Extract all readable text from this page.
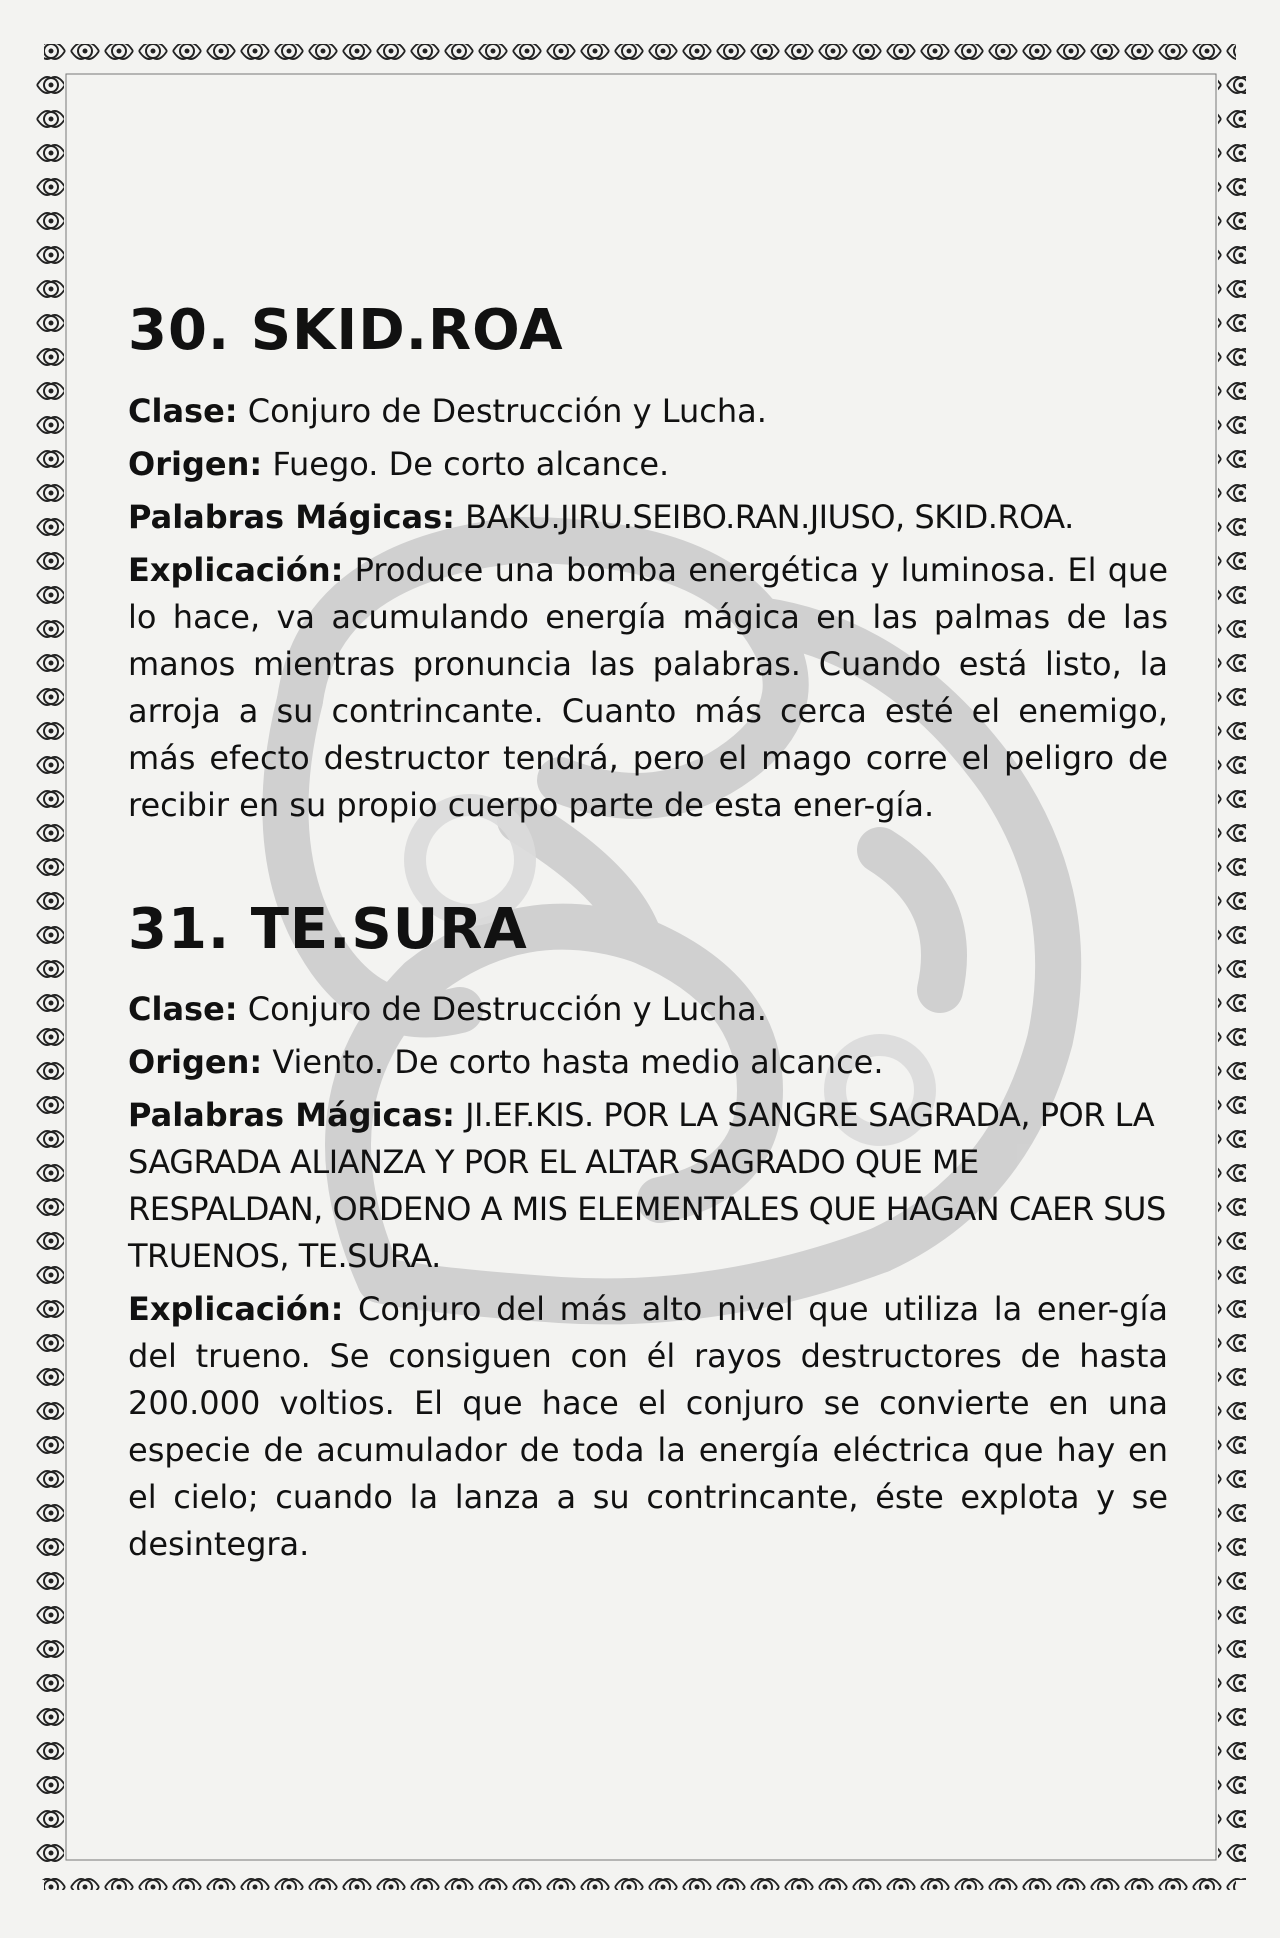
30. SKID.ROA

Clase: Conjuro de Destrucción y Lucha.

Origen: Fuego. De corto alcance.

Palabras Mágicas: BAKU.JIRU.SEIBO.RAN.JIUSO, SKID.ROA.

Explicación: Produce una bomba energética y luminosa. El que lo hace, va acumulando energía mágica en las palmas de las manos mientras pronuncia las palabras. Cuando está listo, la arroja a su contrincante. Cuanto más cerca esté el enemigo, más efecto destructor tendrá, pero el mago corre el peligro de recibir en su propio cuerpo parte de esta ener-gía.

31. TE.SURA

Clase: Conjuro de Destrucción y Lucha.

Origen: Viento. De corto hasta medio alcance.

Palabras Mágicas: JI.EF.KIS. POR LA SANGRE SAGRADA, POR LA SAGRADA ALIANZA Y POR EL ALTAR SAGRADO QUE ME RESPALDAN, ORDENO A MIS ELEMENTALES QUE HAGAN CAER SUS TRUENOS, TE.SURA.

Explicación: Conjuro del más alto nivel que utiliza la ener-gía del trueno. Se consiguen con él rayos destructores de hasta 200.000 voltios. El que hace el conjuro se convierte en una especie de acumulador de toda la energía eléctrica que hay en el cielo; cuando la lanza a su contrincante, éste explota y se desintegra.
